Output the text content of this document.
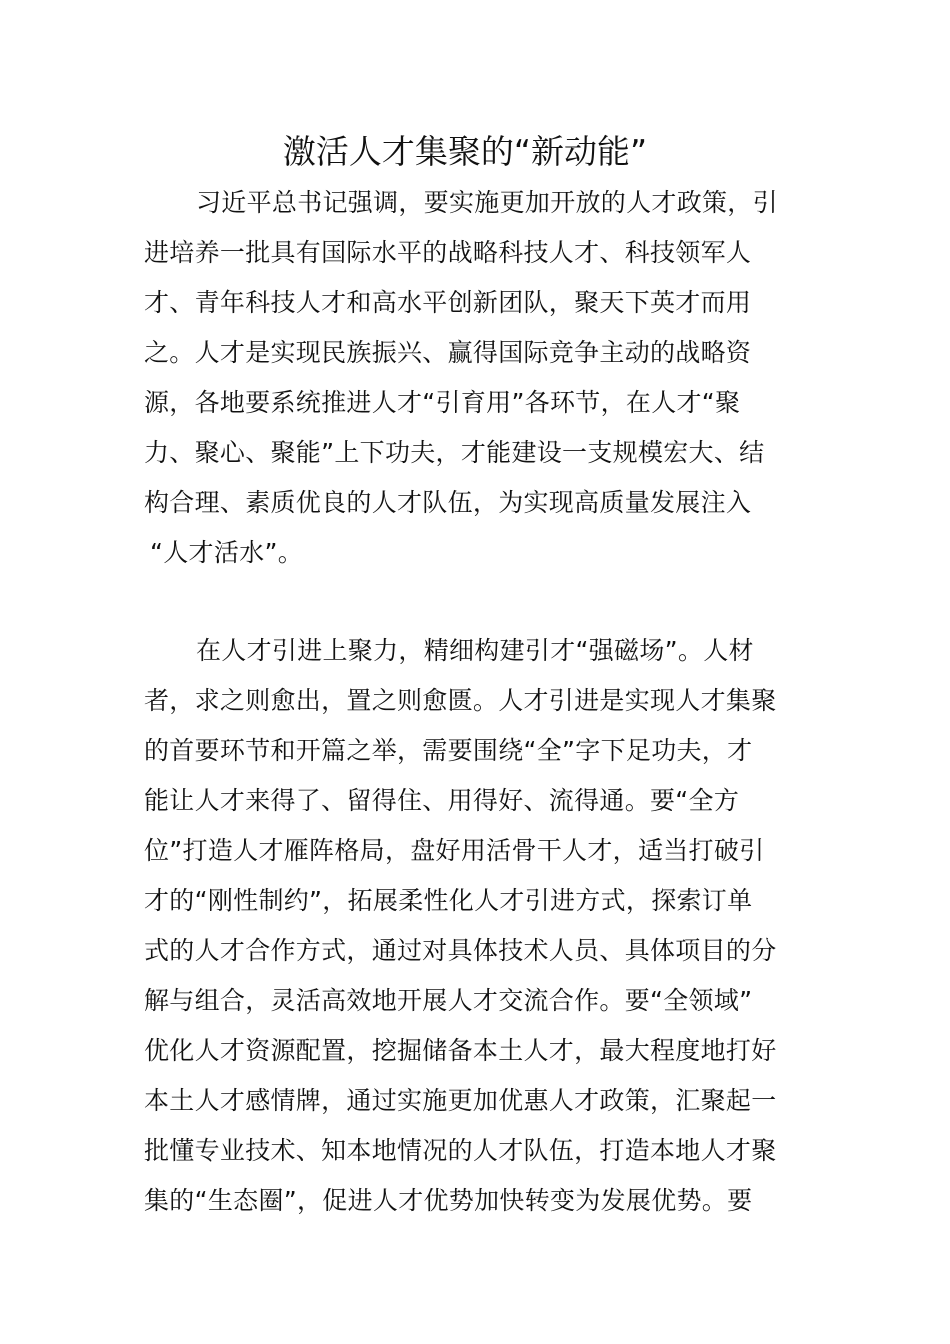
激活人才集聚的“新动能”
习近平总书记强调，要实施更加开放的人才政策，引
进培养一批具有国际水平的战略科技人才、科技领军人
才、青年科技人才和高水平创新团队，聚天下英才而用
之。人才是实现民族振兴、赢得国际竞争主动的战略资
源，各地要系统推进人才“引育用”各环节，在人才“聚
力、聚心、聚能”上下功夫，才能建设一支规模宏大、结
构合理、素质优良的人才队伍，为实现高质量发展注入
“人才活水”。
在人才引进上聚力，精细构建引才“强磁场”。人材
者，求之则愈出，置之则愈匮。人才引进是实现人才集聚
的首要环节和开篇之举，需要围绕“全”字下足功夫，才
能让人才来得了、留得住、用得好、流得通。要“全方
位”打造人才雁阵格局，盘好用活骨干人才，适当打破引
才的“刚性制约”，拓展柔性化人才引进方式，探索订单
式的人才合作方式，通过对具体技术人员、具体项目的分
解与组合，灵活高效地开展人才交流合作。要“全领域”
优化人才资源配置，挖掘储备本土人才，最大程度地打好
本土人才感情牌，通过实施更加优惠人才政策，汇聚起一
批懂专业技术、知本地情况的人才队伍，打造本地人才聚
集的“生态圈”，促进人才优势加快转变为发展优势。要
